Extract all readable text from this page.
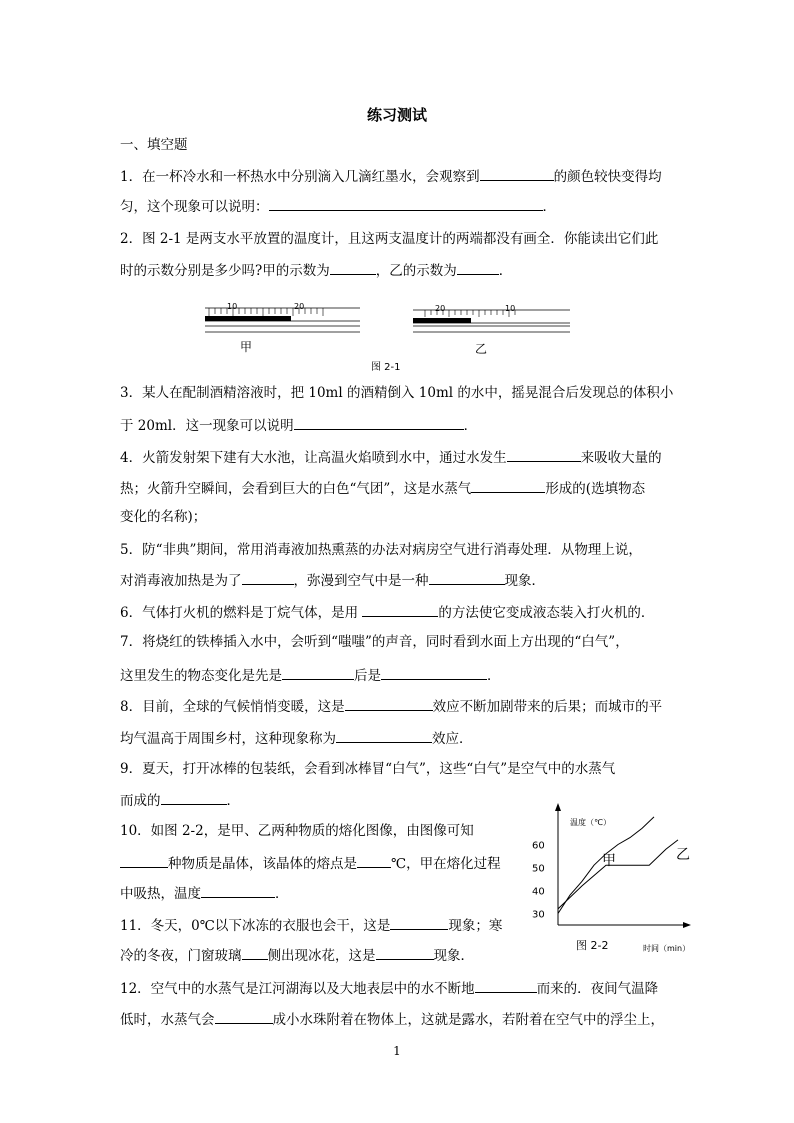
练习测试
一、填空题
1．在一杯冷水和一杯热水中分别滴入几滴红墨水，会观察到	的颜色较快变得均
匀，这个现象可以说明：	．
2．图 2-1 是两支水平放置的温度计，且这两支温度计的两端都没有画全．你能读出它们此
时的示数分别是多少吗?甲的示数为	，乙的示数为	．
10	20
甲
20	10
乙
图 2-1
3．某人在配制酒精溶液时，把 10ml 的酒精倒入 10ml 的水中，摇晃混合后发现总的体积小
于 20ml．这一现象可以说明	．
4．火箭发射架下建有大水池，让高温火焰喷到水中，通过水发生	来吸收大量的
热；火箭升空瞬间，会看到巨大的白色“气团”，这是水蒸气	形成的(选填物态
变化的名称)；
5．防“非典”期间，常用消毒液加热熏蒸的办法对病房空气进行消毒处理．从物理上说，
对消毒液加热是为了	，弥漫到空气中是一种	现象．
6．气体打火机的燃料是丁烷气体，是用	的方法使它变成液态装入打火机的．
7．将烧红的铁棒插入水中，会听到“嗤嗤”的声音，同时看到水面上方出现的“白气”，
这里发生的物态变化是先是	后是	．
8．目前，全球的气候悄悄变暖，这是	效应不断加剧带来的后果；而城市的平
均气温高于周围乡村，这种现象称为	效应．
9．夏天，打开冰棒的包装纸，会看到冰棒冒“白气”，这些“白气”是空气中的水蒸气
而成的	．
10．如图 2-2，是甲、乙两种物质的熔化图像，由图像可知
种物质是晶体，该晶体的熔点是	℃，甲在熔化过程
中吸热，温度	．
11．冬天，0℃以下冰冻的衣服也会干，这是	现象；寒
冷的冬夜，门窗玻璃 侧出现冰花，这是	现象．
12．空气中的水蒸气是江河湖海以及大地表层中的水不断地	而来的．夜间气温降
低时，水蒸气会	成小水珠附着在物体上，这就是露水，若附着在空气中的浮尘上，
温度（℃）
30
40
50
60
甲	乙
图 2-2	时间（min）
1
